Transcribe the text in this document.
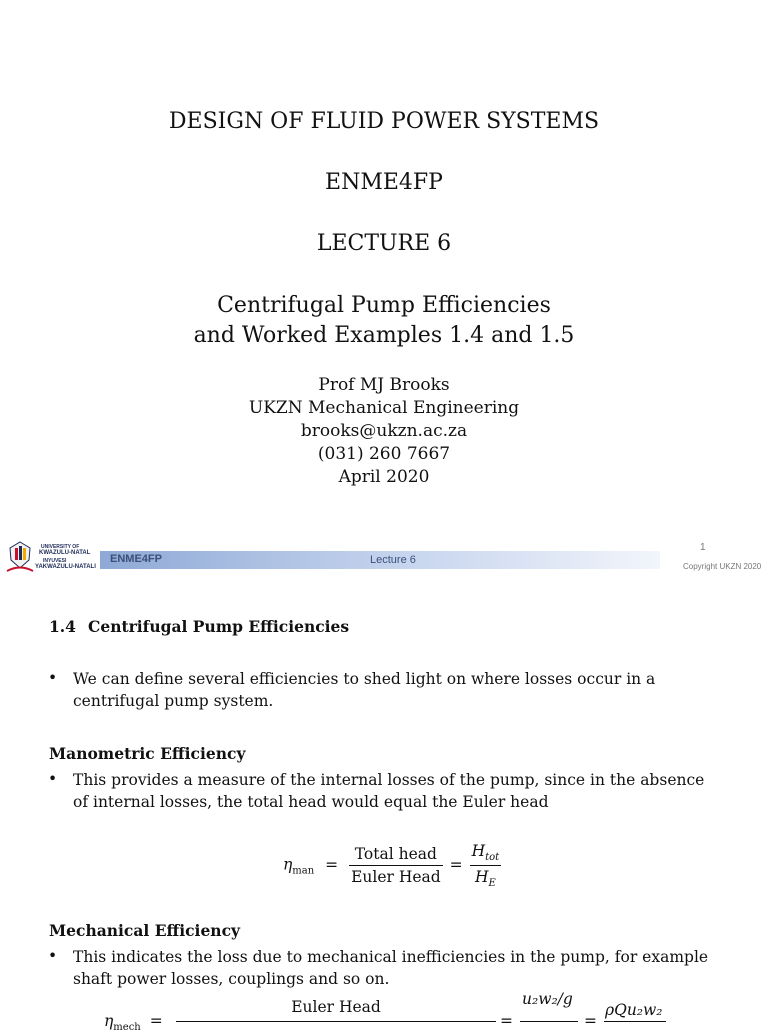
DESIGN OF FLUID POWER SYSTEMS
ENME4FP
LECTURE 6
Centrifugal Pump Efficiencies
and Worked Examples 1.4 and 1.5
Prof MJ Brooks
UKZN Mechanical Engineering
brooks@ukzn.ac.za
(031) 260 7667
April 2020
UNIVERSITY OF
KWAZULU-NATAL
INYUVESI
YAKWAZULU-NATALI
ENME4FP	Lecture 6
1
Copyright UKZN 2020
1.4 Centrifugal Pump Efficiencies
• We can define several efficiencies to shed light on where losses occur in a centrifugal pump system.
Manometric Efficiency
• This provides a measure of the internal losses of the pump, since in the absence of internal losses, the total head would equal the Euler head
$\eta_{man} = \frac{\text{Total head}}{\text{Euler Head}} = \frac{H_{tot}}{H_E}$
Mechanical Efficiency
• This indicates the loss due to mechanical inefficiencies in the pump, for example shaft power losses, couplings and so on.
$\eta_{mech}$ =
Euler Head
=
u₂w₂/g
=
ρQu₂w₂
